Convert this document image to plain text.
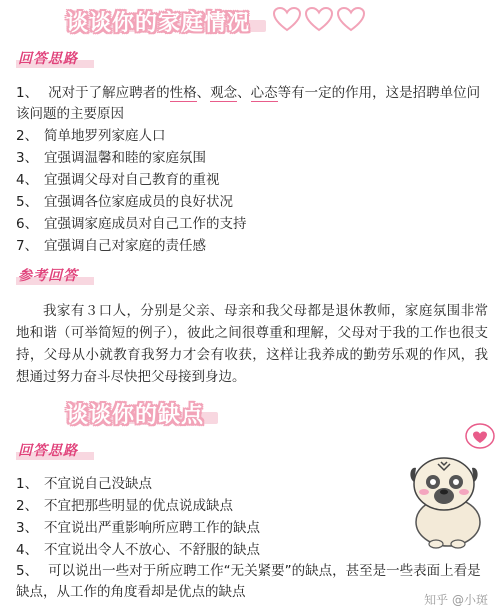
谈谈你的家庭情况
回答思路
1、 况对于了解应聘者的性格、观念、心态等有一定的作用，这是招聘单位问该问题的主要原因
2、 简单地罗列家庭人口
3、 宜强调温馨和睦的家庭氛围
4、 宜强调父母对自己教育的重视
5、 宜强调各位家庭成员的良好状况
6、 宜强调家庭成员对自己工作的支持
7、 宜强调自己对家庭的责任感
参考回答
我家有３口人，分别是父亲、母亲和我父母都是退休教师，家庭氛围非常地和谐（可举简短的例子），彼此之间很尊重和理解，父母对于我的工作也很支持，父母从小就教育我努力才会有收获，这样让我养成的勤劳乐观的作风，我想通过努力奋斗尽快把父母接到身边。
谈谈你的缺点
回答思路
1、 不宜说自己没缺点
2、 不宜把那些明显的优点说成缺点
3、 不宜说出严重影响所应聘工作的缺点
4、 不宜说出令人不放心、不舒服的缺点
5、 可以说出一些对于所应聘工作“无关紧要”的缺点，甚至是一些表面上看是缺点，从工作的角度看却是优点的缺点	知乎 @小斑
